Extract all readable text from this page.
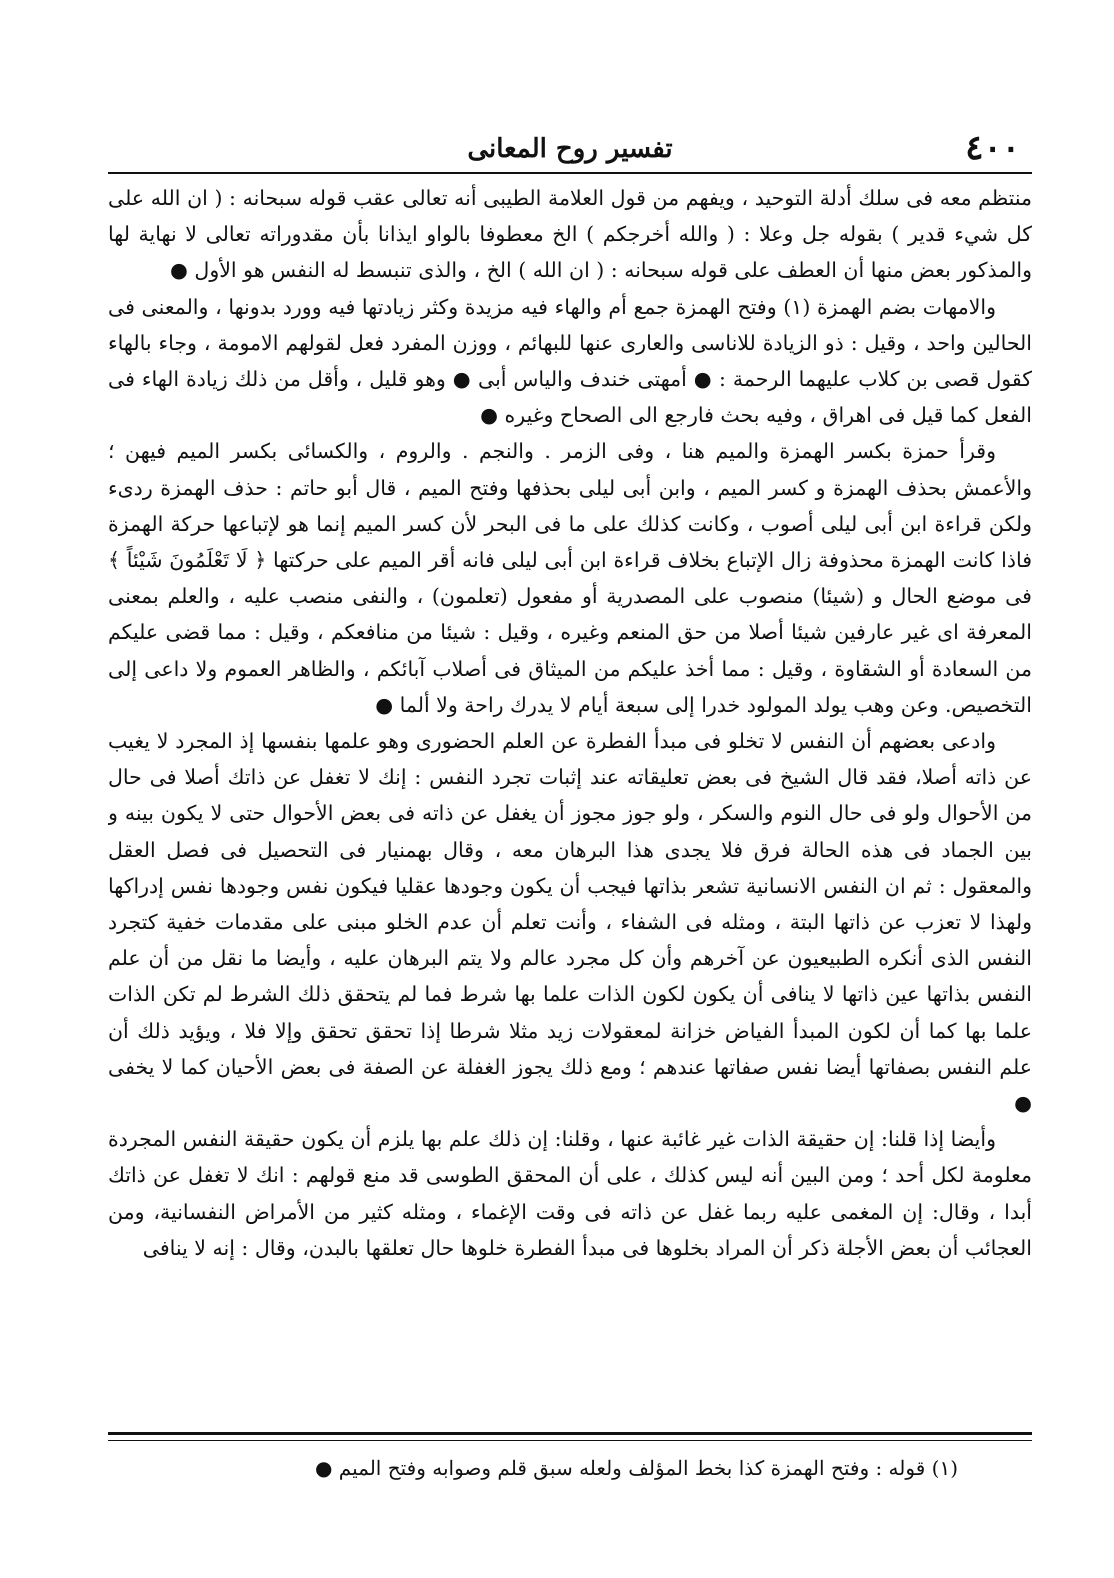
٤٠٠
تفسير روح المعانى

منتظم معه فى سلك أدلة التوحيد ، ويفهم من قول العلامة الطيبى أنه تعالى عقب قوله سبحانه : ( ان الله على كل شيء قدير ) بقوله جل وعلا : ( والله أخرجكم ) الخ معطوفا بالواو ايذانا بأن مقدوراته تعالى لا نهاية لها والمذكور بعض منها أن العطف على قوله سبحانه : ( ان الله ) الخ ، والذى تنبسط له النفس هو الأول ●

والامهات بضم الهمزة (١) وفتح الهمزة جمع أم والهاء فيه مزيدة وكثر زيادتها فيه وورد بدونها ، والمعنى فى الحالين واحد ، وقيل : ذو الزيادة للاناسى والعارى عنها للبهائم ، ووزن المفرد فعل لقولهم الامومة ، وجاء بالهاء كقول قصى بن كلاب عليهما الرحمة : ● أمهتى خندف والياس أبى ● وهو قليل ، وأقل من ذلك زيادة الهاء فى الفعل كما قيل فى اهراق ، وفيه بحث فارجع الى الصحاح وغيره ●

وقرأ حمزة بكسر الهمزة والميم هنا ، وفى الزمر . والنجم . والروم ، والكسائى بكسر الميم فيهن ؛ والأعمش بحذف الهمزة و كسر الميم ، وابن أبى ليلى بحذفها وفتح الميم ، قال أبو حاتم : حذف الهمزة ردىء ولكن قراءة ابن أبى ليلى أصوب ، وكانت كذلك على ما فى البحر لأن كسر الميم إنما هو لإتباعها حركة الهمزة فاذا كانت الهمزة محذوفة زال الإتباع بخلاف قراءة ابن أبى ليلى فانه أقر الميم على حركتها ﴿ لَا تَعْلَمُونَ شَيْئاً ﴾ فى موضع الحال و (شيئا) منصوب على المصدرية أو مفعول (تعلمون) ، والنفى منصب عليه ، والعلم بمعنى المعرفة اى غير عارفين شيئا أصلا من حق المنعم وغيره ، وقيل : شيئا من منافعكم ، وقيل : مما قضى عليكم من السعادة أو الشقاوة ، وقيل : مما أخذ عليكم من الميثاق فى أصلاب آبائكم ، والظاهر العموم ولا داعى إلى التخصيص. وعن وهب يولد المولود خدرا إلى سبعة أيام لا يدرك راحة ولا ألما ●

وادعى بعضهم أن النفس لا تخلو فى مبدأ الفطرة عن العلم الحضورى وهو علمها بنفسها إذ المجرد لا يغيب عن ذاته أصلا، فقد قال الشيخ فى بعض تعليقاته عند إثبات تجرد النفس : إنك لا تغفل عن ذاتك أصلا فى حال من الأحوال ولو فى حال النوم والسكر ، ولو جوز مجوز أن يغفل عن ذاته فى بعض الأحوال حتى لا يكون بينه و بين الجماد فى هذه الحالة فرق فلا يجدى هذا البرهان معه ، وقال بهمنيار فى التحصيل فى فصل العقل والمعقول : ثم ان النفس الانسانية تشعر بذاتها فيجب أن يكون وجودها عقليا فيكون نفس وجودها نفس إدراكها ولهذا لا تعزب عن ذاتها البتة ، ومثله فى الشفاء ، وأنت تعلم أن عدم الخلو مبنى على مقدمات خفية كتجرد النفس الذى أنكره الطبيعيون عن آخرهم وأن كل مجرد عالم ولا يتم البرهان عليه ، وأيضا ما نقل من أن علم النفس بذاتها عين ذاتها لا ينافى أن يكون لكون الذات علما بها شرط فما لم يتحقق ذلك الشرط لم تكن الذات علما بها كما أن لكون المبدأ الفياض خزانة لمعقولات زيد مثلا شرطا إذا تحقق تحقق وإلا فلا ، ويؤيد ذلك أن علم النفس بصفاتها أيضا نفس صفاتها عندهم ؛ ومع ذلك يجوز الغفلة عن الصفة فى بعض الأحيان كما لا يخفى ●

وأيضا إذا قلنا: إن حقيقة الذات غير غائبة عنها ، وقلنا: إن ذلك علم بها يلزم أن يكون حقيقة النفس المجردة معلومة لكل أحد ؛ ومن البين أنه ليس كذلك ، على أن المحقق الطوسى قد منع قولهم : انك لا تغفل عن ذاتك أبدا ، وقال: إن المغمى عليه ربما غفل عن ذاته فى وقت الإغماء ، ومثله كثير من الأمراض النفسانية، ومن العجائب أن بعض الأجلة ذكر أن المراد بخلوها فى مبدأ الفطرة خلوها حال تعلقها بالبدن، وقال : إنه لا ينافى

(١) قوله : وفتح الهمزة كذا بخط المؤلف ولعله سبق قلم وصوابه وفتح الميم ●
